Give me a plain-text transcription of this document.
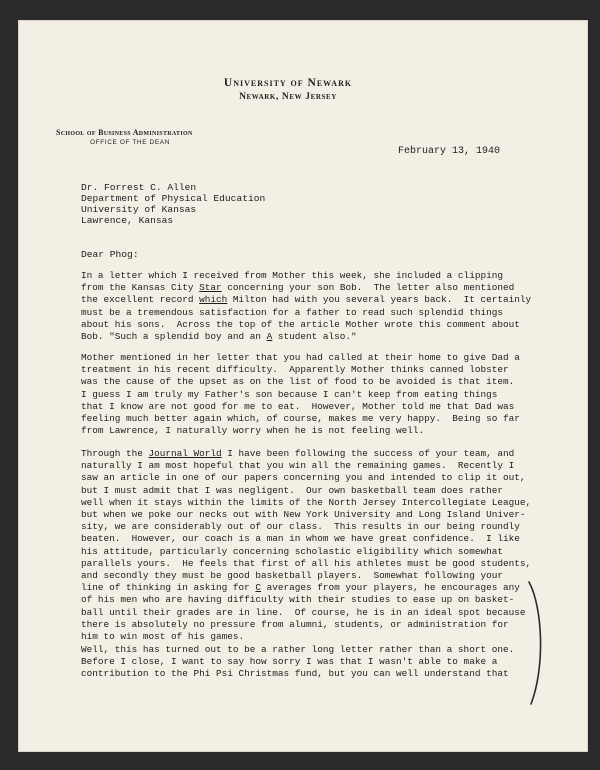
University of Newark
Newark, New Jersey
School of Business Administration
OFFICE OF THE DEAN
February 13, 1940
Dr. Forrest C. Allen
Department of Physical Education
University of Kansas
Lawrence, Kansas
Dear Phog:
In a letter which I received from Mother this week, she included a clipping
from the Kansas City Star concerning your son Bob.  The letter also mentioned
the excellent record which Milton had with you several years back.  It certainly
must be a tremendous satisfaction for a father to read such splendid things
about his sons.  Across the top of the article Mother wrote this comment about
Bob. "Such a splendid boy and an A student also."
Mother mentioned in her letter that you had called at their home to give Dad a
treatment in his recent difficulty.  Apparently Mother thinks canned lobster
was the cause of the upset as on the list of food to be avoided is that item.
I guess I am truly my Father's son because I can't keep from eating things
that I know are not good for me to eat.  However, Mother told me that Dad was
feeling much better again which, of course, makes me very happy.  Being so far
from Lawrence, I naturally worry when he is not feeling well.
Through the Journal World I have been following the success of your team, and
naturally I am most hopeful that you win all the remaining games.  Recently I
saw an article in one of our papers concerning you and intended to clip it out,
but I must admit that I was negligent.  Our own basketball team does rather
well when it stays within the limits of the North Jersey Intercollegiate League,
but when we poke our necks out with New York University and Long Island Univer-
sity, we are considerably out of our class.  This results in our being roundly
beaten.  However, our coach is a man in whom we have great confidence.  I like
his attitude, particularly concerning scholastic eligibility which somewhat
parallels yours.  He feels that first of all his athletes must be good students,
and secondly they must be good basketball players.  Somewhat following your
line of thinking in asking for C averages from your players, he encourages any
of his men who are having difficulty with their studies to ease up on basket-
ball until their grades are in line.  Of course, he is in an ideal spot because
there is absolutely no pressure from alumni, students, or administration for
him to win most of his games.
Well, this has turned out to be a rather long letter rather than a short one.
Before I close, I want to say how sorry I was that I wasn't able to make a
contribution to the Phi Psi Christmas fund, but you can well understand that
